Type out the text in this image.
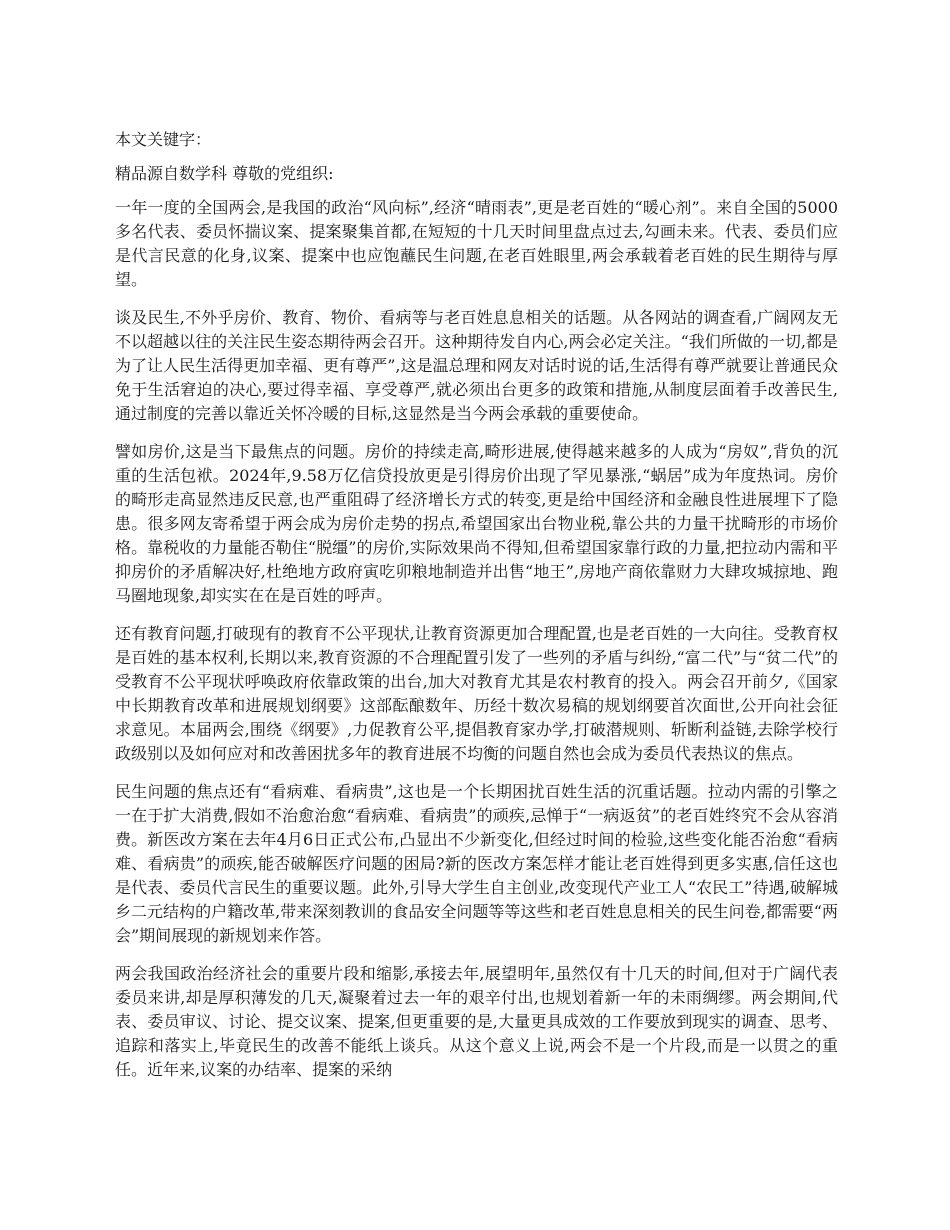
本文关键字：

精品源自数学科 尊敬的党组织:

一年一度的全国两会,是我国的政治“风向标”,经济“晴雨表”,更是老百姓的“暖心剂”。来自全国的5000多名代表、委员怀揣议案、提案聚集首都,在短短的十几天时间里盘点过去,勾画未来。代表、委员们应是代言民意的化身,议案、提案中也应饱蘸民生问题,在老百姓眼里,两会承载着老百姓的民生期待与厚望。

谈及民生,不外乎房价、教育、物价、看病等与老百姓息息相关的话题。从各网站的调查看,广阔网友无不以超越以往的关注民生姿态期待两会召开。这种期待发自内心,两会必定关注。“我们所做的一切,都是为了让人民生活得更加幸福、更有尊严”,这是温总理和网友对话时说的话,生活得有尊严就要让普通民众免于生活窘迫的决心,要过得幸福、享受尊严,就必须出台更多的政策和措施,从制度层面着手改善民生,通过制度的完善以靠近关怀冷暖的目标,这显然是当今两会承载的重要使命。

譬如房价,这是当下最焦点的问题。房价的持续走高,畸形进展,使得越来越多的人成为“房奴”,背负的沉重的生活包袱。2024年,9.58万亿信贷投放更是引得房价出现了罕见暴涨,“蜗居”成为年度热词。房价的畸形走高显然违反民意,也严重阻碍了经济增长方式的转变,更是给中国经济和金融良性进展埋下了隐患。很多网友寄希望于两会成为房价走势的拐点,希望国家出台物业税,靠公共的力量干扰畸形的市场价格。靠税收的力量能否勒住“脱缰”的房价,实际效果尚不得知,但希望国家靠行政的力量,把拉动内需和平抑房价的矛盾解决好,杜绝地方政府寅吃卯粮地制造并出售“地王”,房地产商依靠财力大肆攻城掠地、跑马圈地现象,却实实在在是百姓的呼声。

还有教育问题,打破现有的教育不公平现状,让教育资源更加合理配置,也是老百姓的一大向往。受教育权是百姓的基本权利,长期以来,教育资源的不合理配置引发了一些列的矛盾与纠纷,“富二代”与“贫二代”的受教育不公平现状呼唤政府依靠政策的出台,加大对教育尤其是农村教育的投入。两会召开前夕,《国家中长期教育改革和进展规划纲要》这部酝酿数年、历经十数次易稿的规划纲要首次面世,公开向社会征求意见。本届两会,围绕《纲要》,力促教育公平,提倡教育家办学,打破潜规则、斩断利益链,去除学校行政级别以及如何应对和改善困扰多年的教育进展不均衡的问题自然也会成为委员代表热议的焦点。

民生问题的焦点还有“看病难、看病贵”,这也是一个长期困扰百姓生活的沉重话题。拉动内需的引擎之一在于扩大消费,假如不治愈治愈“看病难、看病贵”的顽疾,忌惮于“一病返贫”的老百姓终究不会从容消费。新医改方案在去年4月6日正式公布,凸显出不少新变化,但经过时间的检验,这些变化能否治愈“看病难、看病贵”的顽疾,能否破解医疗问题的困局?新的医改方案怎样才能让老百姓得到更多实惠,信任这也是代表、委员代言民生的重要议题。此外,引导大学生自主创业,改变现代产业工人“农民工”待遇,破解城乡二元结构的户籍改革,带来深刻教训的食品安全问题等等这些和老百姓息息相关的民生问卷,都需要“两会”期间展现的新规划来作答。

两会我国政治经济社会的重要片段和缩影,承接去年,展望明年,虽然仅有十几天的时间,但对于广阔代表委员来讲,却是厚积薄发的几天,凝聚着过去一年的艰辛付出,也规划着新一年的未雨绸缪。两会期间,代表、委员审议、讨论、提交议案、提案,但更重要的是,大量更具成效的工作要放到现实的调查、思考、追踪和落实上,毕竟民生的改善不能纸上谈兵。从这个意义上说,两会不是一个片段,而是一以贯之的重任。近年来,议案的办结率、提案的采纳
